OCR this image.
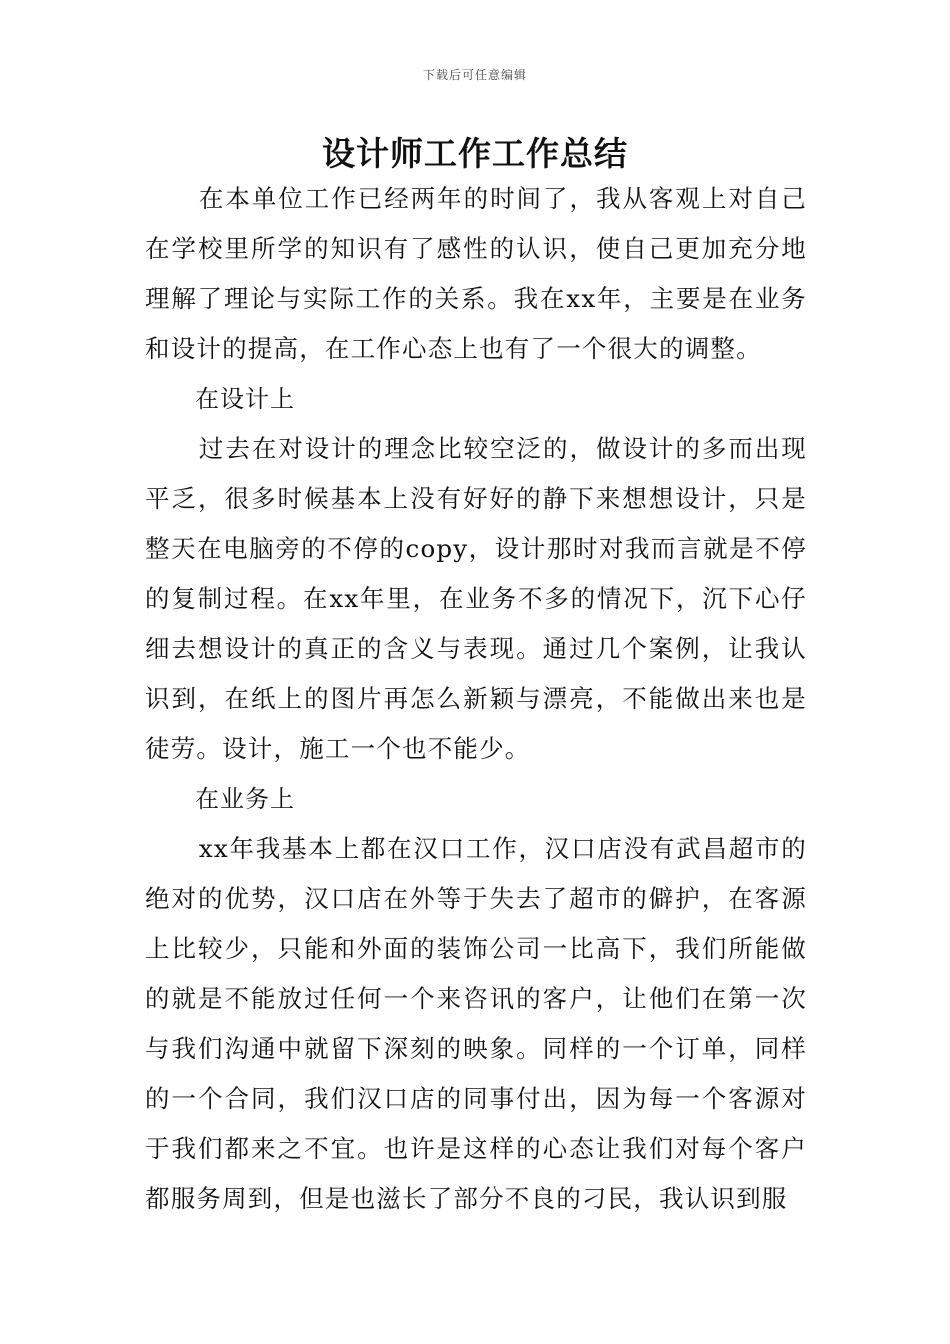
下载后可任意编辑
设计师工作工作总结

在本单位工作已经两年的时间了，我从客观上对自己在学校里所学的知识有了感性的认识，使自己更加充分地理解了理论与实际工作的关系。我在xx年，主要是在业务和设计的提高，在工作心态上也有了一个很大的调整。

在设计上

过去在对设计的理念比较空泛的，做设计的多而出现平乏，很多时候基本上没有好好的静下来想想设计，只是整天在电脑旁的不停的copy，设计那时对我而言就是不停的复制过程。在xx年里，在业务不多的情况下，沉下心仔细去想设计的真正的含义与表现。通过几个案例，让我认识到，在纸上的图片再怎么新颖与漂亮，不能做出来也是徒劳。设计，施工一个也不能少。

在业务上

xx年我基本上都在汉口工作，汉口店没有武昌超市的绝对的优势，汉口店在外等于失去了超市的僻护，在客源上比较少，只能和外面的装饰公司一比高下，我们所能做的就是不能放过任何一个来咨讯的客户，让他们在第一次与我们沟通中就留下深刻的映象。同样的一个订单，同样的一个合同，我们汉口店的同事付出，因为每一个客源对于我们都来之不宜。也许是这样的心态让我们对每个客户都服务周到，但是也滋长了部分不良的刁民，我认识到服
